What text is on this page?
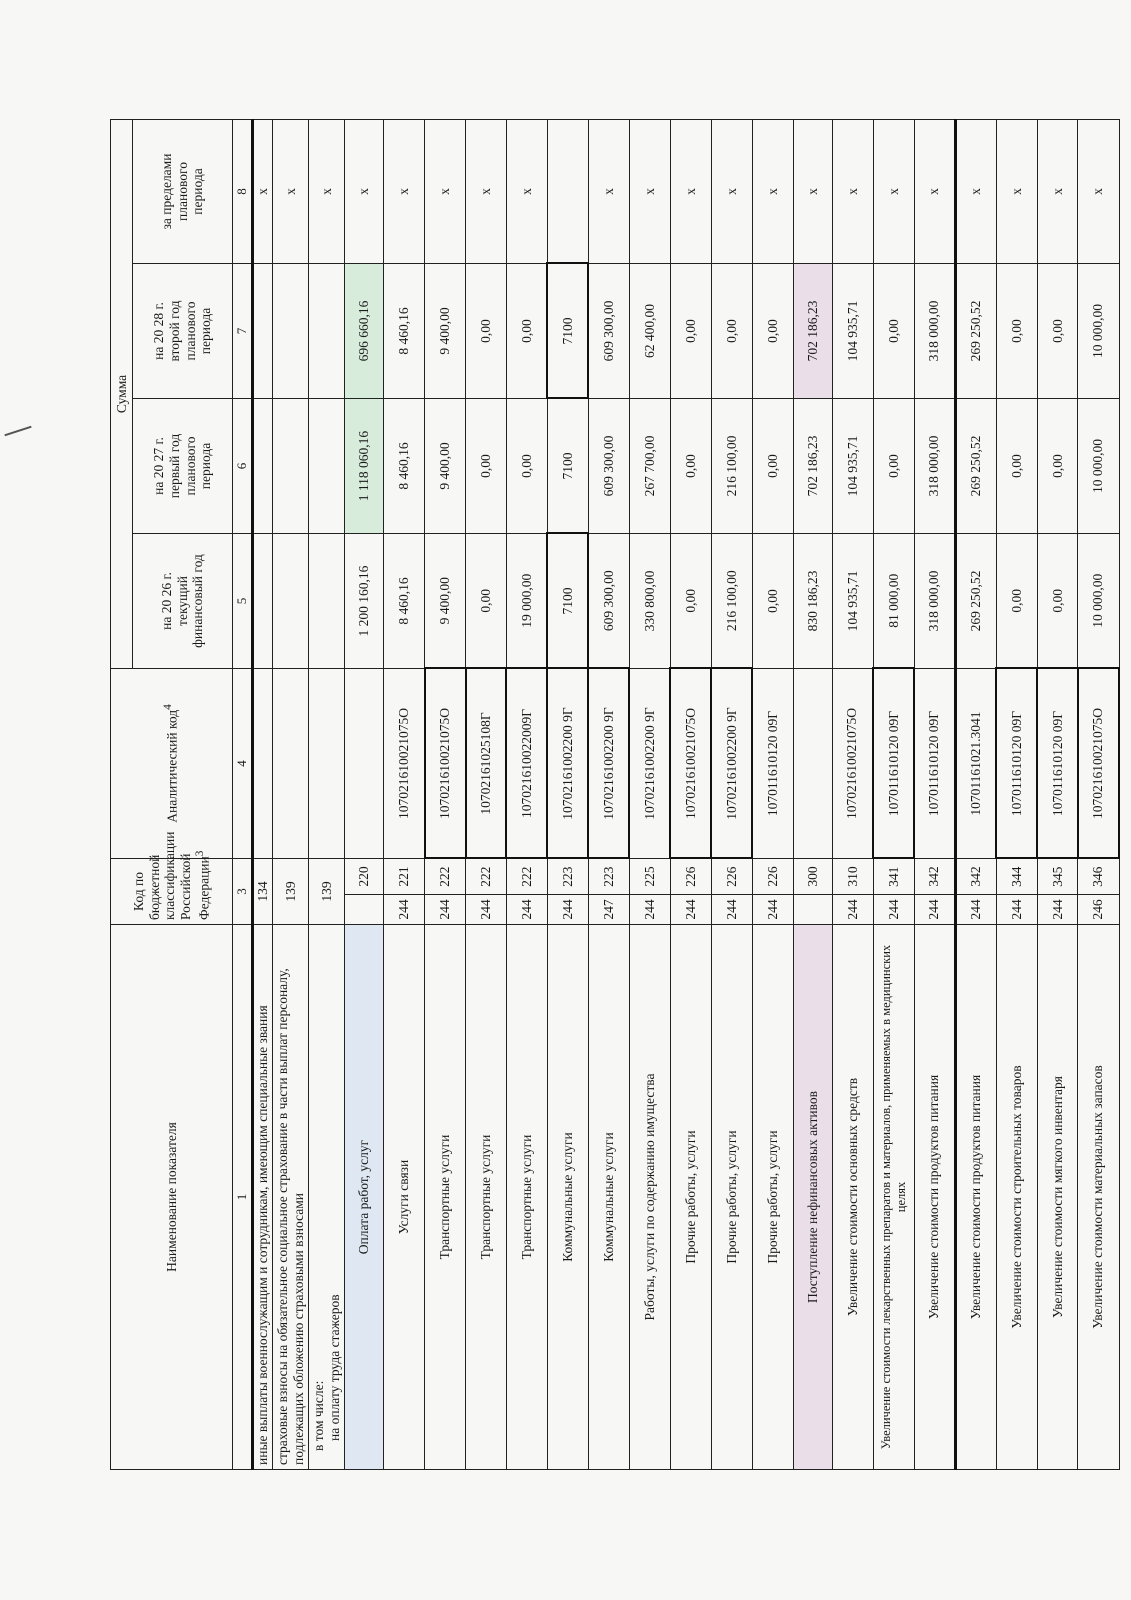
Наименование показателя	Код по
бюджетной
классификации
Российской Федерации$^3$		Аналитический код$^4$	Сумма			
				на 20 26 г.
текущий
финансовый год	на 20 27 г.
первый год
планового
периода	на 20 28 г.
второй год
планового
периода	за пределами
планового
периода
1	3		4	5	6	7	8
иные выплаты военнослужащим и сотрудникам, имеющим специальные звания	134						x
страховые взносы на обязательное социальное страхование в части выплат персоналу, подлежащих обложению страховыми взносами	139						x
в том числе:
на оплату труда стажеров	139						x
Оплата работ, услуг		220		1 200 160,16	1 118 060,16	696 660,16	x
Услуги связи	244	221	107021610021075О	8 460,16	8 460,16	8 460,16	x
Транспортные услуги	244	222	107021610021075О	9 400,00	9 400,00	9 400,00	x
Транспортные услуги	244	222	10702161025108Г	0,00	0,00	0,00	x
Транспортные услуги	244	222	107021610022009Г	19 000,00	0,00	0,00	x
Коммунальные услуги	244	223	10702161002200 9Г	7100	7100	7100	
Коммунальные услуги	247	223	10702161002200 9Г	609 300,00	609 300,00	609 300,00	x
Работы, услуги по содержанию имущества	244	225	10702161002200 9Г	330 800,00	267 700,00	62 400,00	x
Прочие работы, услуги	244	226	107021610021075О	0,00	0,00	0,00	x
Прочие работы, услуги	244	226	10702161002200 9Г	216 100,00	216 100,00	0,00	x
Прочие работы, услуги	244	226	107011610120 09Г	0,00	0,00	0,00	x
Поступление нефинансовых активов		300		830 186,23	702 186,23	702 186,23	x
Увеличение стоимости основных средств	244	310	107021610021075О	104 935,71	104 935,71	104 935,71	x
Увеличение стоимости лекарственных препаратов и материалов, применяемых в медицинских целях	244	341	107011610120 09Г	81 000,00	0,00	0,00	x
Увеличение стоимости продуктов питания	244	342	107011610120 09Г	318 000,00	318 000,00	318 000,00	x
Увеличение стоимости продуктов питания	244	342	10701161021.3041	269 250,52	269 250,52	269 250,52	x
Увеличение стоимости строительных товаров	244	344	107011610120 09Г	0,00	0,00	0,00	x
Увеличение стоимости мягкого инвентаря	244	345	107011610120 09Г	0,00	0,00	0,00	x
Увеличение стоимости материальных запасов	246	346	107021610021075О	10 000,00	10 000,00	10 000,00	x
